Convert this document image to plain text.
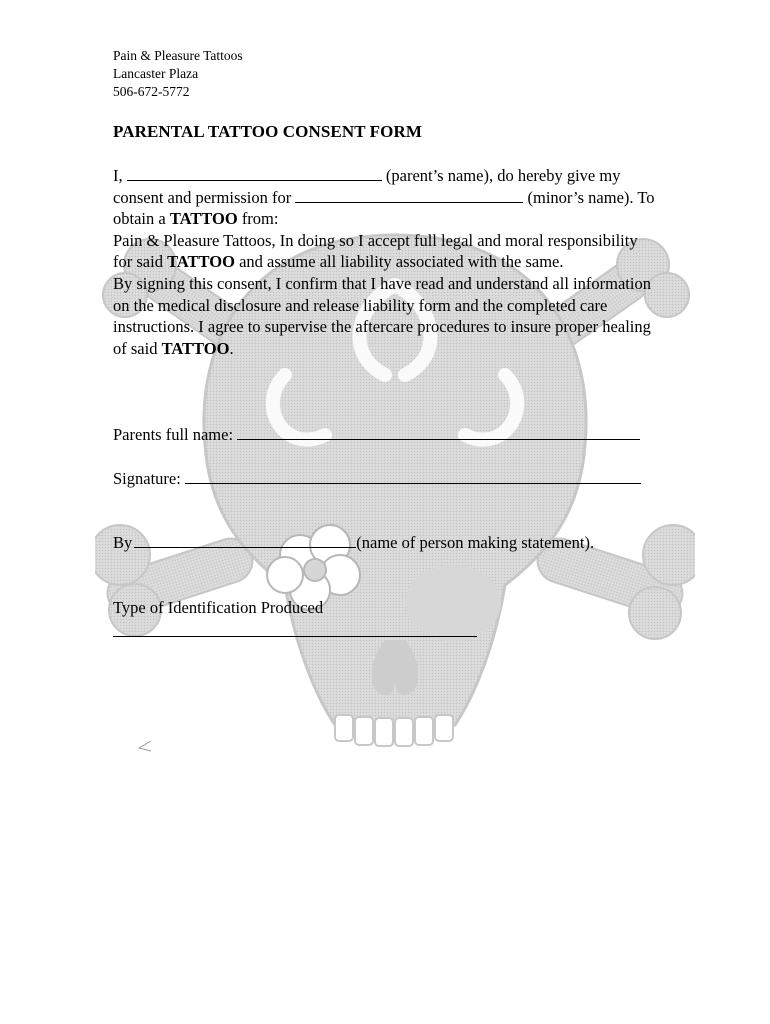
Pain & Pleasure Tattoos
Lancaster Plaza
506-672-5772
PARENTAL TATTOO CONSENT FORM

I,	(parent’s name), do hereby give my consent and permission for	(minor’s name). To obtain a TATTOO from:

Pain & Pleasure Tattoos, In doing so I accept full legal and moral responsibility for said TATTOO and assume all liability associated with the same.

By signing this consent, I confirm that I have read and understand all information on the medical disclosure and release liability form and the completed care instructions. I agree to supervise the aftercare procedures to insure proper healing of said TATTOO.

Parents full name:
Signature:
By	(name of person making statement).
Type of Identification Produced
